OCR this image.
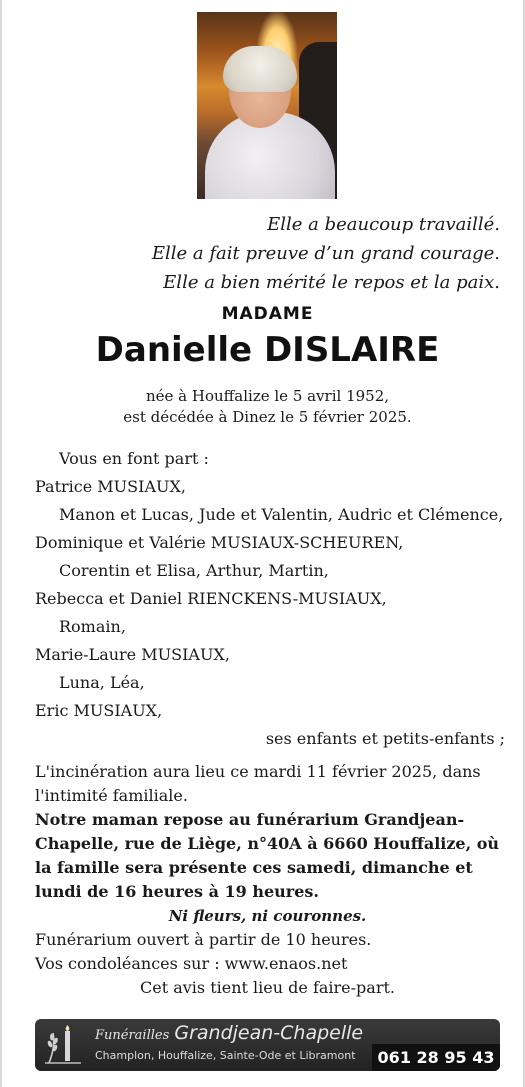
Elle a beaucoup travaillé.
Elle a fait preuve d’un grand courage.
Elle a bien mérité le repos et la paix.
MADAME
Danielle DISLAIRE
née à Houffalize le 5 avril 1952,
est décédée à Dinez le 5 février 2025.
Vous en font part :
Patrice MUSIAUX,
Manon et Lucas, Jude et Valentin, Audric et Clémence,
Dominique et Valérie MUSIAUX-SCHEUREN,
Corentin et Elisa, Arthur, Martin,
Rebecca et Daniel RIENCKENS-MUSIAUX,
Romain,
Marie-Laure MUSIAUX,
Luna, Léa,
Eric MUSIAUX,
ses enfants et petits-enfants ;
L'incinération aura lieu ce mardi 11 février 2025, dans l'intimité familiale.
Notre maman repose au funérarium Grandjean-Chapelle, rue de Liège, n°40A à 6660 Houffalize, où la famille sera présente ces samedi, dimanche et lundi de 16 heures à 19 heures.
Ni fleurs, ni couronnes.
Funérarium ouvert à partir de 10 heures.
Vos condoléances sur : www.enaos.net
Cet avis tient lieu de faire-part.
Funérailles Grandjean-Chapelle
Champlon, Houffalize, Sainte-Ode et Libramont	061 28 95 43
